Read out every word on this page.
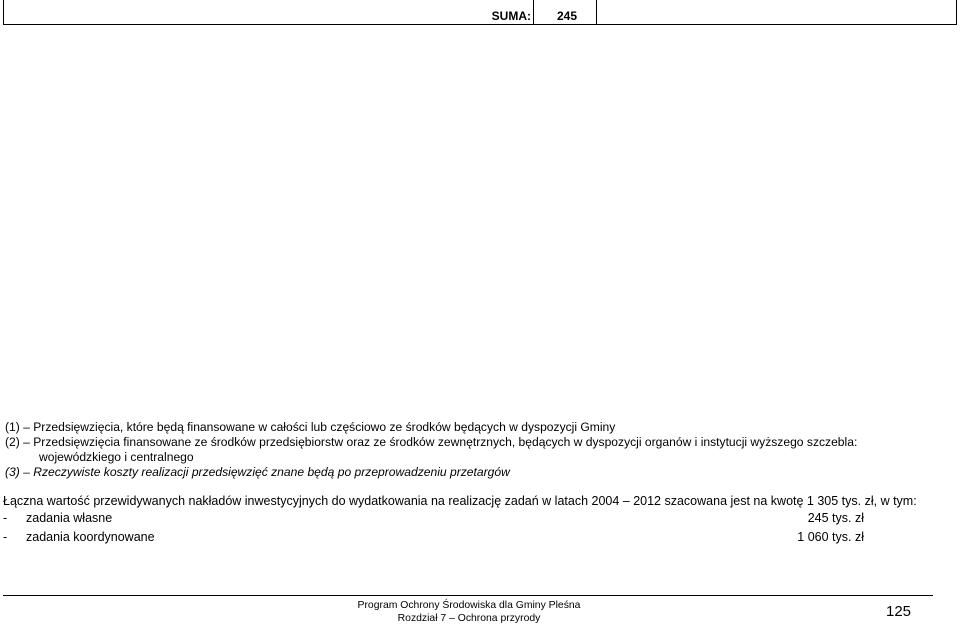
SUMA: 245
(1) – Przedsięwzięcia, które będą finansowane w całości lub częściowo ze środków będących w dyspozycji Gminy
(2) – Przedsięwzięcia finansowane ze środków przedsiębiorstw oraz ze środków zewnętrznych, będących w dyspozycji organów i instytucji wyższego szczebla:
wojewódzkiego i centralnego
(3) – Rzeczywiste koszty realizacji przedsięwzięć znane będą po przeprowadzeniu przetargów

Łączna wartość przewidywanych nakładów inwestycyjnych do wydatkowania na realizację zadań w latach 2004 – 2012 szacowana jest na kwotę 1 305 tys. zł, w tym:

- zadania własne	245 tys. zł
- zadania koordynowane	1 060 tys. zł
Program Ochrony Środowiska dla Gminy Pleśna
Rozdział 7 – Ochrona przyrody	125
